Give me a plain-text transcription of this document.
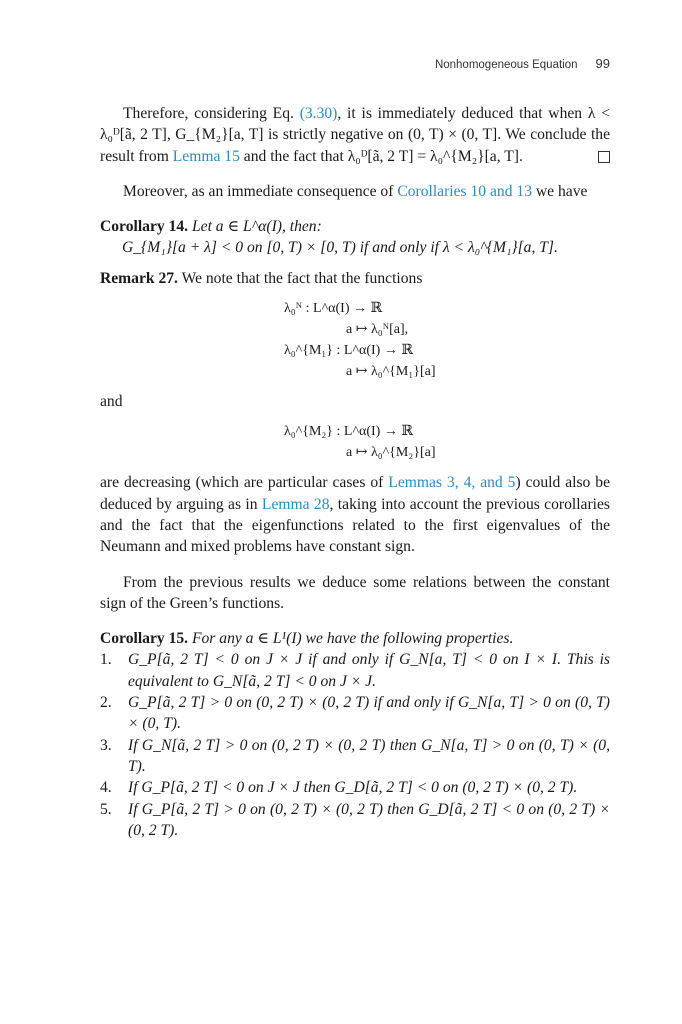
Nonhomogeneous Equation 99

Therefore, considering Eq. (3.30), it is immediately deduced that when λ < λ₀ᴰ[ã, 2 T], G_{M₂}[a, T] is strictly negative on (0, T) × (0, T]. We conclude the result from Lemma 15 and the fact that λ₀ᴰ[ã, 2 T] = λ₀^{M₂}[a, T].

Moreover, as an immediate consequence of Corollaries 10 and 13 we have

Corollary 14. Let a ∈ L^α(I), then:

G_{M₁}[a + λ] < 0 on [0, T) × [0, T) if and only if λ < λ₀^{M₁}[a, T].

Remark 27. We note that the fact that the functions

λ₀ᴺ : L^α(I) → ℝ
a ↦ λ₀ᴺ[a],
λ₀^{M₁} : L^α(I) → ℝ
a ↦ λ₀^{M₁}[a]

and

λ₀^{M₂} : L^α(I) → ℝ
a ↦ λ₀^{M₂}[a]

are decreasing (which are particular cases of Lemmas 3, 4, and 5) could also be deduced by arguing as in Lemma 28, taking into account the previous corollaries and the fact that the eigenfunctions related to the first eigenvalues of the Neumann and mixed problems have constant sign.

From the previous results we deduce some relations between the constant sign of the Green’s functions.

Corollary 15. For any a ∈ L¹(I) we have the following properties.

1.	G_P[ã, 2 T] < 0 on J × J if and only if G_N[a, T] < 0 on I × I. This is equivalent to G_N[ã, 2 T] < 0 on J × J.
2.	G_P[ã, 2 T] > 0 on (0, 2 T) × (0, 2 T) if and only if G_N[a, T] > 0 on (0, T) × (0, T).
3.	If G_N[ã, 2 T] > 0 on (0, 2 T) × (0, 2 T) then G_N[a, T] > 0 on (0, T) × (0, T).
4.	If G_P[ã, 2 T] < 0 on J × J then G_D[ã, 2 T] < 0 on (0, 2 T) × (0, 2 T).
5.	If G_P[ã, 2 T] > 0 on (0, 2 T) × (0, 2 T) then G_D[ã, 2 T] < 0 on (0, 2 T) × (0, 2 T).
